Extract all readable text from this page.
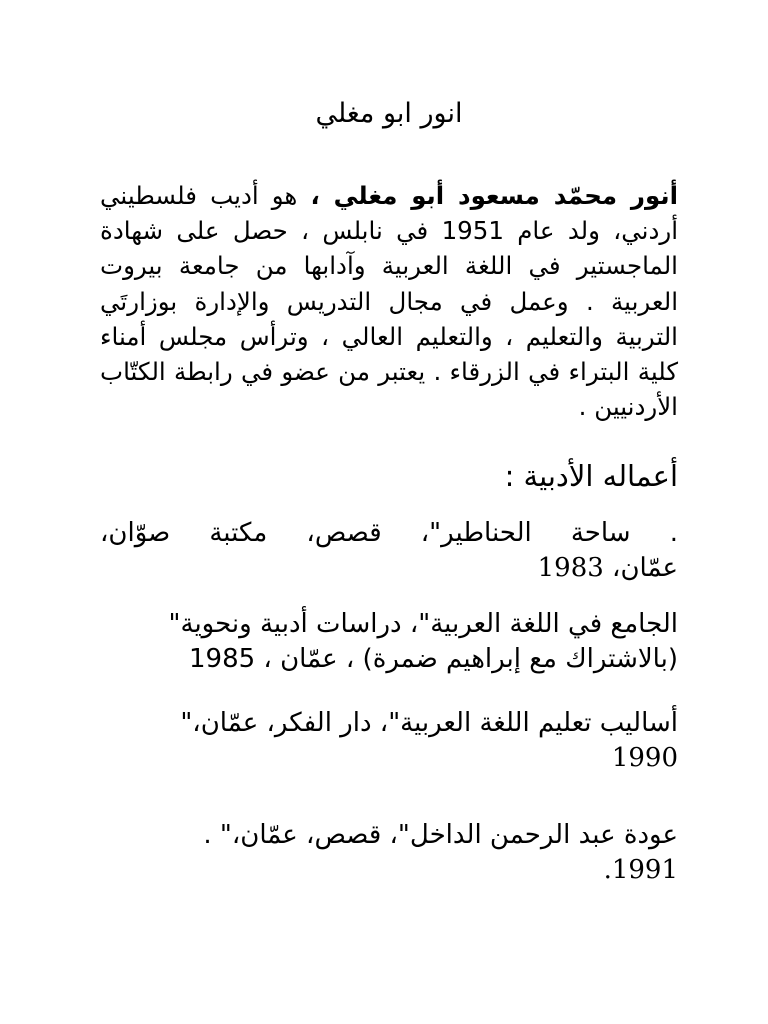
انور ابو مغلي

أنور محمّد مسعود أبو مغلي ، هو أديب فلسطيني أردني، ولد عام 1951 في نابلس ، حصل على شهادة الماجستير في اللغة العربية وآدابها من جامعة بيروت العربية . وعمل في مجال التدريس والإدارة بوزارتَي التربية والتعليم ، والتعليم العالي ، وترأس مجلس أمناء كلية البتراء في الزرقاء . يعتبر من عضو في رابطة الكتّاب الأردنيين .

أعماله الأدبية :
. ساحة الحناطير"، قصص، مكتبة صوّان،
عمّان، 1983
الجامع في اللغة العربية"، دراسات أدبية ونحوية"
(بالاشتراك مع إبراهيم ضمرة) ، عمّان ، 1985
أساليب تعليم اللغة العربية"، دار الفكر، عمّان،"
1990
عودة عبد الرحمن الداخل"، قصص، عمّان،" .
1991.
